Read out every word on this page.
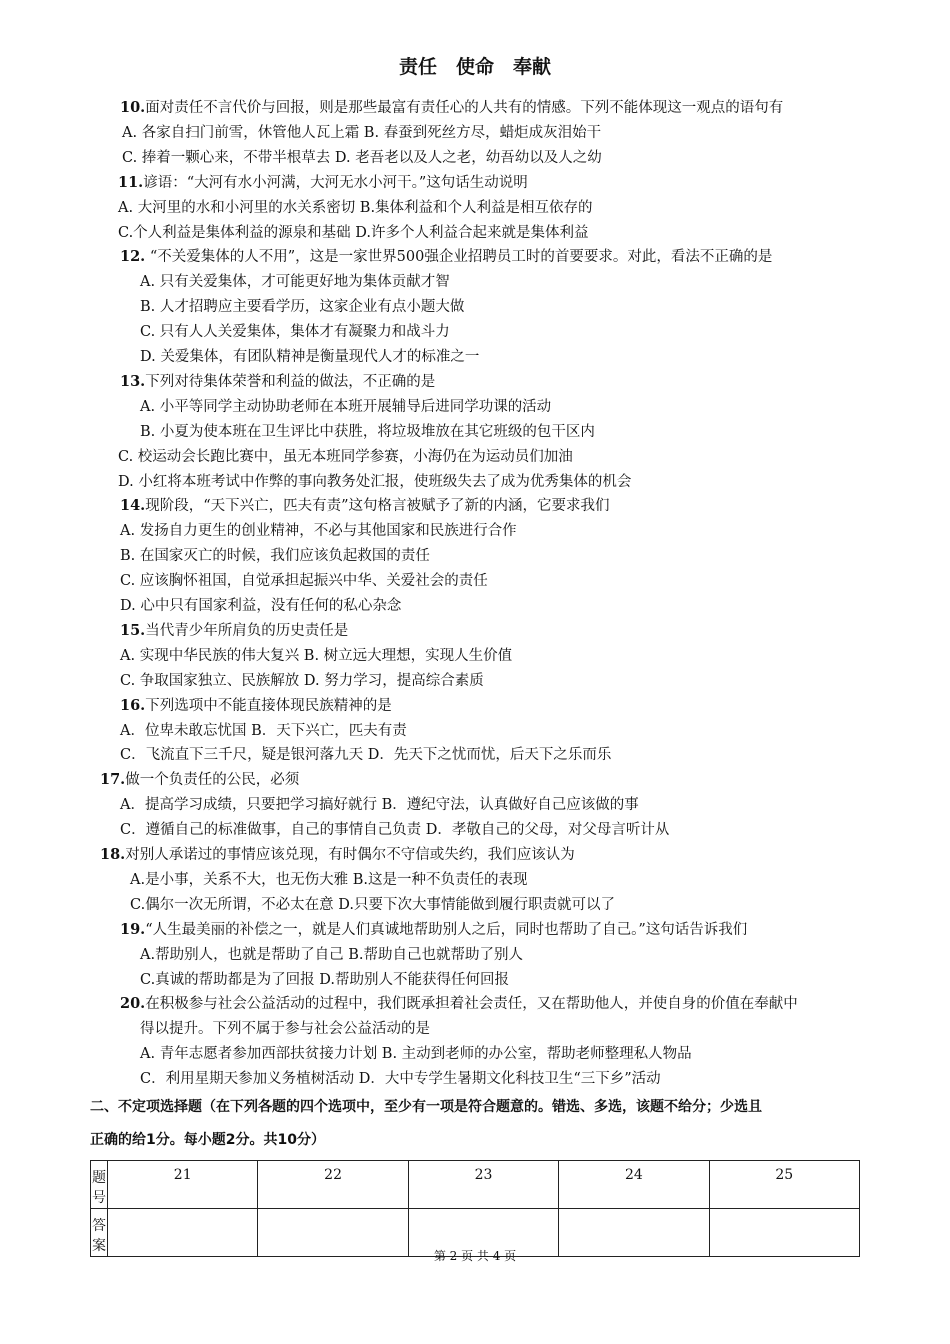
责任　使命　奉献
10.面对责任不言代价与回报，则是那些最富有责任心的人共有的情感。下列不能体现这一观点的语句有
A. 各家自扫门前雪，休管他人瓦上霜 B. 春蚕到死丝方尽，蜡炬成灰泪始干
C. 捧着一颗心来，不带半根草去 D. 老吾老以及人之老，幼吾幼以及人之幼
11.谚语：“大河有水小河满，大河无水小河干。”这句话生动说明
A. 大河里的水和小河里的水关系密切 B.集体利益和个人利益是相互依存的
C.个人利益是集体利益的源泉和基础 D.许多个人利益合起来就是集体利益
12. “不关爱集体的人不用”，这是一家世界500强企业招聘员工时的首要要求。对此，看法不正确的是
A. 只有关爱集体，才可能更好地为集体贡献才智
B. 人才招聘应主要看学历，这家企业有点小题大做
C. 只有人人关爱集体，集体才有凝聚力和战斗力
D. 关爱集体，有团队精神是衡量现代人才的标准之一
13.下列对待集体荣誉和利益的做法，不正确的是
A. 小平等同学主动协助老师在本班开展辅导后进同学功课的活动
B. 小夏为使本班在卫生评比中获胜，将垃圾堆放在其它班级的包干区内
C. 校运动会长跑比赛中，虽无本班同学参赛，小海仍在为运动员们加油
D. 小红将本班考试中作弊的事向教务处汇报，使班级失去了成为优秀集体的机会
14.现阶段，“天下兴亡，匹夫有责”这句格言被赋予了新的内涵，它要求我们
A. 发扬自力更生的创业精神，不必与其他国家和民族进行合作
B. 在国家灭亡的时候，我们应该负起救国的责任
C. 应该胸怀祖国，自觉承担起振兴中华、关爱社会的责任
D. 心中只有国家利益，没有任何的私心杂念
15.当代青少年所肩负的历史责任是
A. 实现中华民族的伟大复兴 B. 树立远大理想，实现人生价值
C. 争取国家独立、民族解放 D. 努力学习，提高综合素质
16.下列选项中不能直接体现民族精神的是
A．位卑未敢忘忧国 B．天下兴亡，匹夫有责
C．飞流直下三千尺，疑是银河落九天 D．先天下之忧而忧，后天下之乐而乐
17.做一个负责任的公民，必须
A．提高学习成绩，只要把学习搞好就行 B．遵纪守法，认真做好自己应该做的事
C．遵循自己的标准做事，自己的事情自己负责 D．孝敬自己的父母，对父母言听计从
18.对别人承诺过的事情应该兑现，有时偶尔不守信或失约，我们应该认为
A.是小事，关系不大，也无伤大雅 B.这是一种不负责任的表现
C.偶尔一次无所谓，不必太在意 D.只要下次大事情能做到履行职责就可以了
19.“人生最美丽的补偿之一，就是人们真诚地帮助别人之后，同时也帮助了自己。”这句话告诉我们
A.帮助别人，也就是帮助了自己 B.帮助自己也就帮助了别人
C.真诚的帮助都是为了回报 D.帮助别人不能获得任何回报
20.在积极参与社会公益活动的过程中，我们既承担着社会责任，又在帮助他人，并使自身的价值在奉献中
得以提升。下列不属于参与社会公益活动的是
A. 青年志愿者参加西部扶贫接力计划 B. 主动到老师的办公室，帮助老师整理私人物品
C．利用星期天参加义务植树活动 D．大中专学生暑期文化科技卫生“三下乡”活动
二、不定项选择题（在下列各题的四个选项中，至少有一项是符合题意的。错选、多选，该题不给分；少选且
正确的给1分。每小题2分。共10分）
题号	21	22	23	24	25
答案					
第 2 页 共 4 页
